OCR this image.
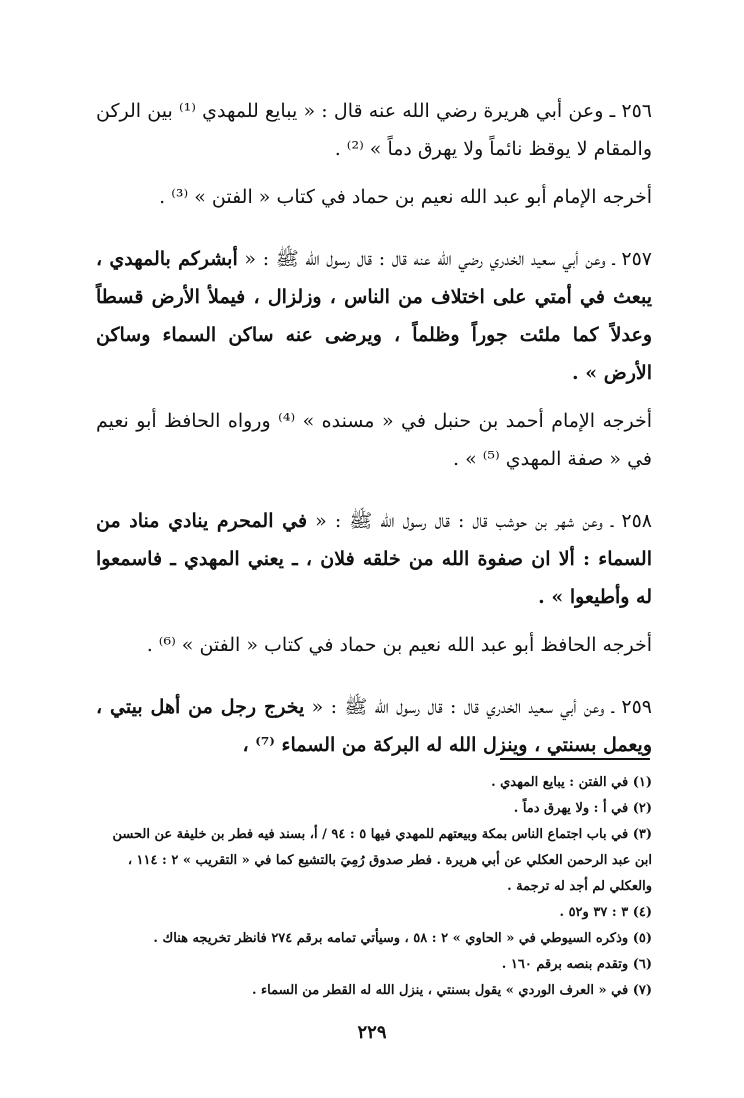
٢٥٦ ـ وعن أبي هريرة رضي الله عنه قال : « يبايع للمهدي ⁽¹⁾ بين الركن والمقام لا يوقظ نائماً ولا يهرق دماً » ⁽²⁾ .

أخرجه الإمام أبو عبد الله نعيم بن حماد في كتاب « الفتن » ⁽³⁾ .

٢٥٧ ـ وعن أبي سعيد الخدري رضي الله عنه قال : قال رسول الله ﷺ : « أبشركم بالمهدي ، يبعث في أمتي على اختلاف من الناس ، وزلزال ، فيملأ الأرض قسطاً وعدلاً كما ملئت جوراً وظلماً ، ويرضى عنه ساكن السماء وساكن الأرض » .

أخرجه الإمام أحمد بن حنبل في « مسنده » ⁽⁴⁾ ورواه الحافظ أبو نعيم في « صفة المهدي ⁽⁵⁾ » .

٢٥٨ ـ وعن شهر بن حوشب قال : قال رسول الله ﷺ : « في المحرم ينادي مناد من السماء : ألا ان صفوة الله من خلقه فلان ، ـ يعني المهدي ـ فاسمعوا له وأطيعوا » .

أخرجه الحافظ أبو عبد الله نعيم بن حماد في كتاب « الفتن » ⁽⁶⁾ .

٢٥٩ ـ وعن أبي سعيد الخدري قال : قال رسول الله ﷺ : « يخرج رجل من أهل بيتي ، ويعمل بسنتي ، وينزل الله له البركة من السماء ⁽⁷⁾ ،

(١) في الفتن : يبايع المهدي .

(٢) في أ : ولا يهرق دماً .

(٣) في باب اجتماع الناس بمكة وبيعتهم للمهدي فيها ٥ : ٩٤ / أ، بسند فيه فطر بن خليفة عن الحسن ابن عبد الرحمن العكلي عن أبي هريرة . فطر صدوق رُمِيَ بالتشيع كما في « التقريب » ٢ : ١١٤ ، والعكلي لم أجد له ترجمة .

(٤) ٣ : ٣٧ و٥٢ .

(٥) وذكره السيوطي في « الحاوي » ٢ : ٥٨ ، وسيأتي تمامه برقم ٢٧٤ فانظر تخريجه هناك .

(٦) وتقدم بنصه برقم ١٦٠ .

(٧) في « العرف الوردي » يقول بسنتي ، ينزل الله له القطر من السماء .

٢٢٩
